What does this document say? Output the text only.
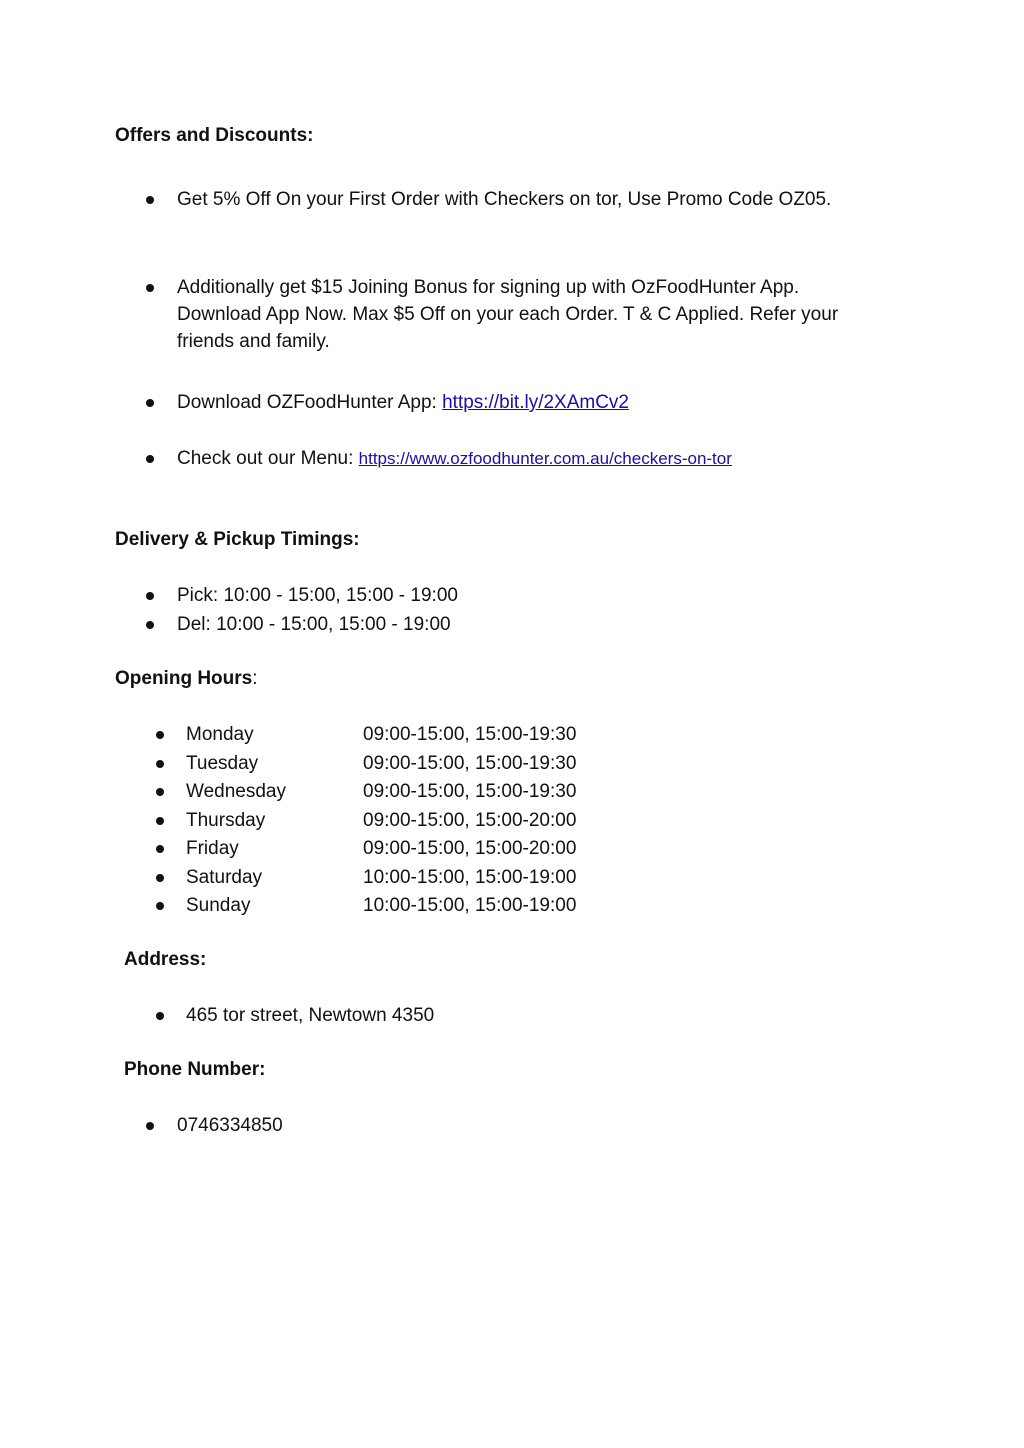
Offers and Discounts:
Get 5% Off On your First Order with Checkers on tor, Use Promo Code OZ05.
Additionally get $15 Joining Bonus for signing up with OzFoodHunter App. Download App Now. Max $5 Off on your each Order. T & C Applied. Refer your friends and family.
Download OZFoodHunter App: https://bit.ly/2XAmCv2
Check out our Menu: https://www.ozfoodhunter.com.au/checkers-on-tor
Delivery & Pickup Timings:
Pick: 10:00 - 15:00, 15:00 - 19:00
Del: 10:00 - 15:00, 15:00 - 19:00
Opening Hours:
Monday	09:00-15:00, 15:00-19:30
Tuesday	09:00-15:00, 15:00-19:30
Wednesday	09:00-15:00, 15:00-19:30
Thursday	09:00-15:00, 15:00-20:00
Friday	09:00-15:00, 15:00-20:00
Saturday	10:00-15:00, 15:00-19:00
Sunday	10:00-15:00, 15:00-19:00
Address:
465 tor street, Newtown 4350
Phone Number:
0746334850
